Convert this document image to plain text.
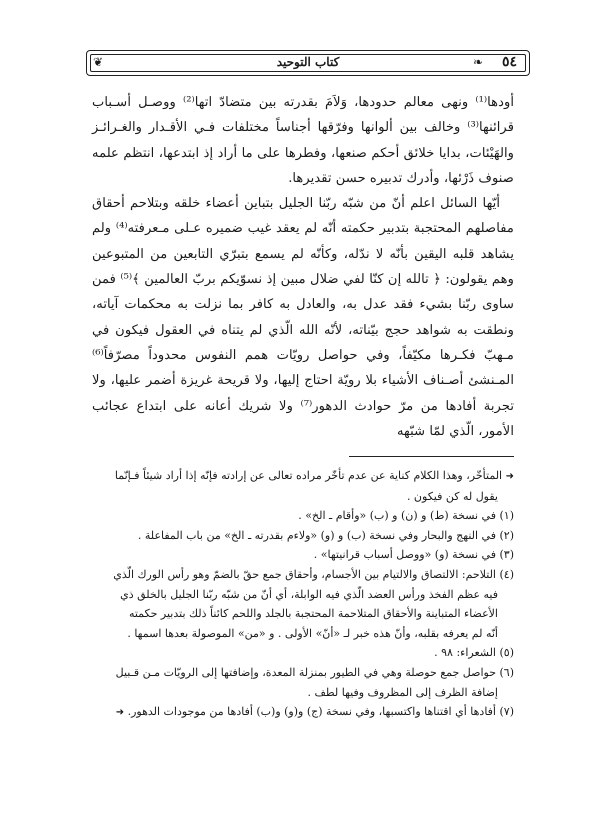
٥٤
❧
كتاب التوحيد
❦

أودها⁽¹⁾ ونهى معالم حدودها، وَلاَمَ بقدرته بين متضادّ اتها⁽²⁾ ووصـل أسـباب قرائنها⁽³⁾ وخالف بين ألوانها وفرّقها أجناساً مختلفات فـي الأقـدار والغـرائـز والهَيْئات، بدايا خلائق أحكم صنعها، وفطرها على ما أراد إذ ابتدعها، انتظم علمه صنوف ذَرْئها، وأدرك تدبيره حسن تقديرها.

أيّها السائل اعلم أنّ من شبّه ربّنا الجليل بتباين أعضاء خلقه وبتلاحم أحقاق مفاصلهم المحتجبة بتدبير حكمته أنّه لم يعقد غيب ضميره عـلى مـعرفته⁽⁴⁾ ولم يشاهد قلبه اليقين بأنّه لا ندّله، وكأنّه لم يسمع بتبرّي التابعين من المتبوعين وهم يقولون: ﴿ تالله إن كنّا لفي ضلال مبين إذ نسوّيكم بربّ العالمين ﴾⁽⁵⁾ فمن ساوى ربّنا بشيء فقد عدل به، والعادل به كافر بما نزلت به محكمات آياته، ونطقت به شواهد حجج بيّناته، لأنّه الله الّذي لم يتناه في العقول فيكون في مـهبّ فكـرها مكيّفاً، وفي حواصل رويّات همم النفوس محدوداً مصرّفاً⁽⁶⁾ المـنشئ أصـناف الأشياء بلا رويّة احتاج إليها، ولا قريحة غريزة أضمر عليها، ولا تجربة أفادها من مرّ حوادث الدهور⁽⁷⁾ ولا شريك أعانه على ابتداع عجائب الأمور، الّذي لمّا شبّهه

➜ المتأخّر، وهذا الكلام كناية عن عدم تأخّر مراده تعالى عن إرادته فإنّه إذا أراد شيئاً فـإنّما

يقول له كن فيكون .

(١) في نسخة (ط) و (ن) و (ب) «وأقام ـ الخ» .

(٢) في النهج والبحار وفي نسخة (ب) و (و) «ولاءم بقدرته ـ الخ» من باب المفاعلة .

(٣) في نسخة (و) «ووصل أسباب قرانيتها» .

(٤) التلاحم: الالتصاق والالتيام بين الأجسام، وأحقاق جمع حقّ بالضمّ وهو رأس الورك الّذي

فيه عظم الفخذ ورأس العضد الّذي فيه الوابلة، أي أنّ من شبّه ربّنا الجليل بالخلق ذي

الأعضاء المتباينة والأحقاق المتلاحمة المحتجبة بالجلد واللحم كائناً ذلك بتدبير حكمته

أنّه لم يعرفه بقلبه، وأنّ هذه خبر لـ «أنّ» الأولى . و «من» الموصولة بعدها اسمها .

(٥) الشعراء: ٩٨ .

(٦) حواصل جمع حوصلة وهي في الطيور بمنزلة المعدة، وإضافتها إلى الرويّات مـن قـبيل

إضافة الظرف إلى المظروف وفيها لطف .

(٧) أفادها أي اقتناها واكتسبها، وفي نسخة (ج) و(و) و(ب) أفادها من موجودات الدهور. ➜
